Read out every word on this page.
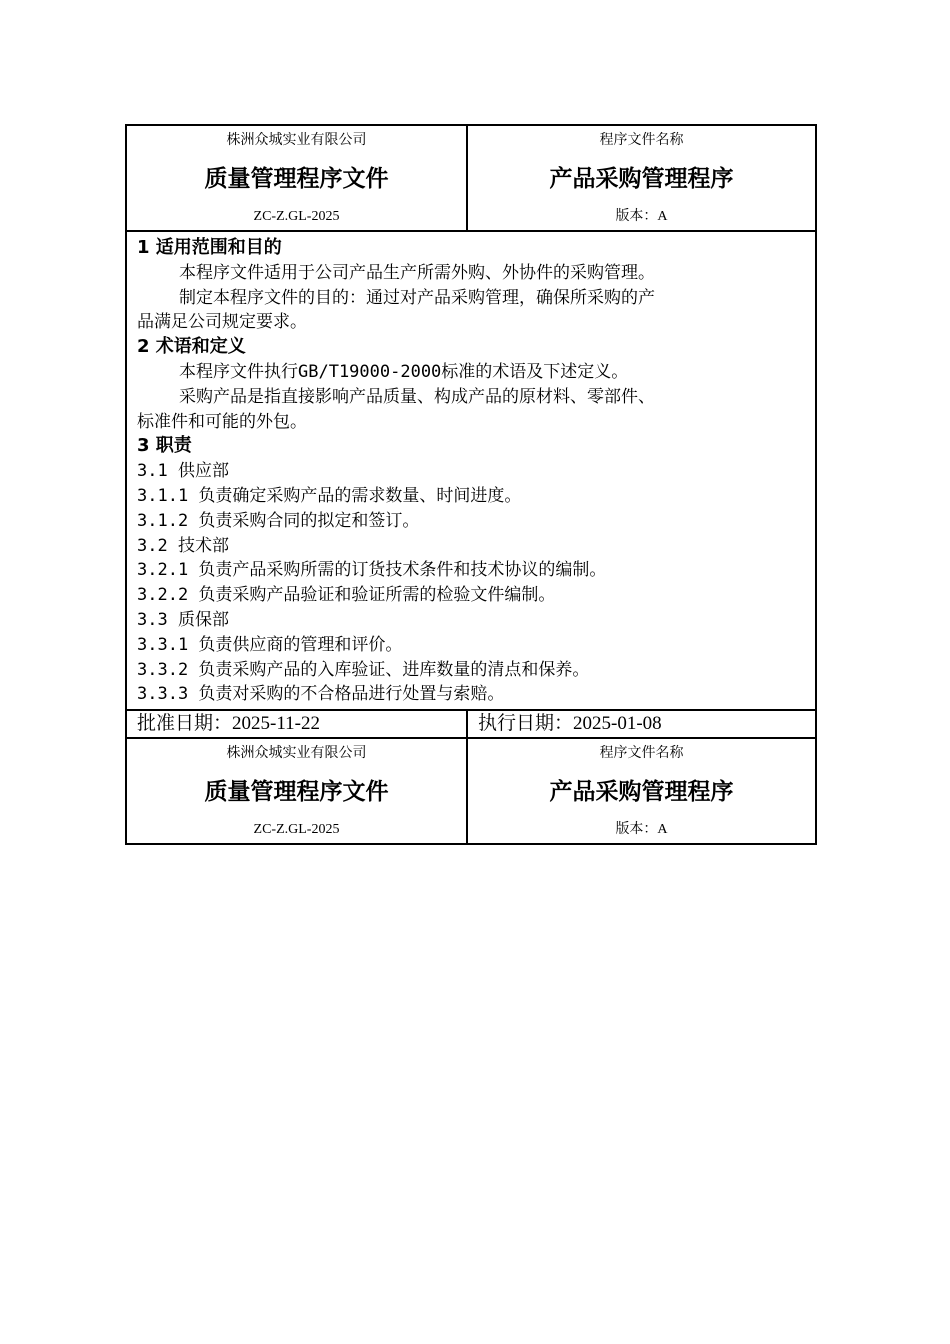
株洲众城实业有限公司
质量管理程序文件
ZC-Z.GL-2025
程序文件名称
产品采购管理程序
版本：A
1 适用范围和目的
本程序文件适用于公司产品生产所需外购、外协件的采购管理。
制定本程序文件的目的：通过对产品采购管理，确保所采购的产
品满足公司规定要求。
2 术语和定义
本程序文件执行GB/T19000-2000标准的术语及下述定义。
采购产品是指直接影响产品质量、构成产品的原材料、零部件、
标准件和可能的外包。
3 职责
3.1 供应部
3.1.1 负责确定采购产品的需求数量、时间进度。
3.1.2 负责采购合同的拟定和签订。
3.2 技术部
3.2.1 负责产品采购所需的订货技术条件和技术协议的编制。
3.2.2 负责采购产品验证和验证所需的检验文件编制。
3.3 质保部
3.3.1 负责供应商的管理和评价。
3.3.2 负责采购产品的入库验证、进库数量的清点和保养。
3.3.3 负责对采购的不合格品进行处置与索赔。
批准日期：2025-11-22	执行日期：2025-01-08
株洲众城实业有限公司
质量管理程序文件
ZC-Z.GL-2025
程序文件名称
产品采购管理程序
版本：A
